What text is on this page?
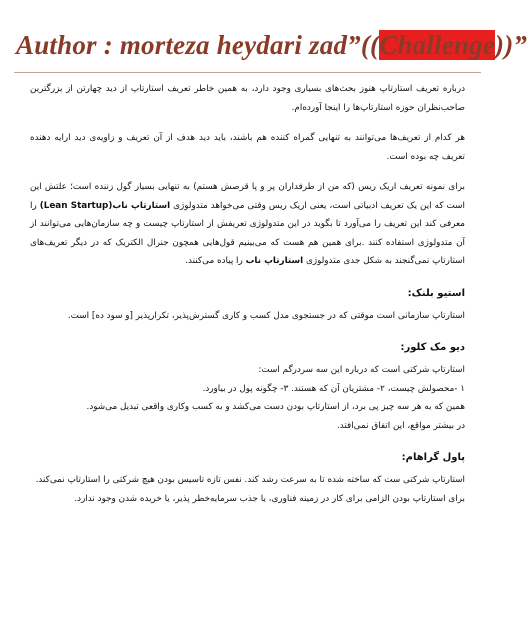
Author : morteza heydari zad”((Challenge))”

درباره تعریف استارتاپ هنوز بحث‌های بسیاری وجود دارد، به همین خاطر تعریف استارتاپ از دید چهارتن از بزرگترین صاحب‌نظران حوزه استارتاپ‌ها را اینجا آورده‌ام.

هر کدام از تعریف‌ها می‌توانند به تنهایی گمراه کننده هم باشند، باید دید هدف از آن تعریف و زاویه‌ی دید ارایه دهنده تعریف چه بوده است.

برای نمونه تعریف اریک ریس (که من از طرفداران پر و پا قرصش هستم) به تنهایی بسیار گول زننده است؛ علتش این است که این یک تعریف ادبیاتی است، یعنی اریک ریس وقتی می‌خواهد متدولوژی استارتاپ ناب(Lean Startup) را معرفی کند این تعریف را می‌آورد تا بگوید در این متدولوژی تعریفش از استارتاپ چیست و چه سازمان‌هایی می‌توانند از آن متدولوژی استفاده کنند .برای همین هم هست که می‌بینیم قول‌هایی همچون جنرال الکتریک که در دیگر تعریف‌های استارتاپ نمی‌گنجند به شکل جدی متدولوژی استارتاپ ناب را پیاده می‌کنند.

استیو بلنک:
استارتاپ سازمانی است موقتی که در جستجوی مدل کسب و کاری گسترش‌پذیر، تکرارپذیر [و سود ده] است.
دیو مک کلور:
استارتاپ شرکتی است که درباره این سه سردرگم است:
۱ -محصولش چیست، ۲- مشتریان آن که هستند. ۳- چگونه پول در بیاورد.
همین که به هر سه چیز پی برد، از استارتاپ بودن دست می‌کشد و به کسب وکاری واقعی تبدیل می‌شود.
در بیشتر مواقع، این اتفاق نمی‌افتد.
پاول گراهام:
استارتاپ شرکتی ست که ساخته شده تا به سرعت رشد کند. نفس تازه تاسیس بودن هیچ شرکتی را استارتاپ نمی‌کند.
برای استارتاپ بودن الزامی برای کار در زمینه فناوری، یا جذب سرمایه‌خطر پذیر، یا خریده شدن وجود ندارد.
